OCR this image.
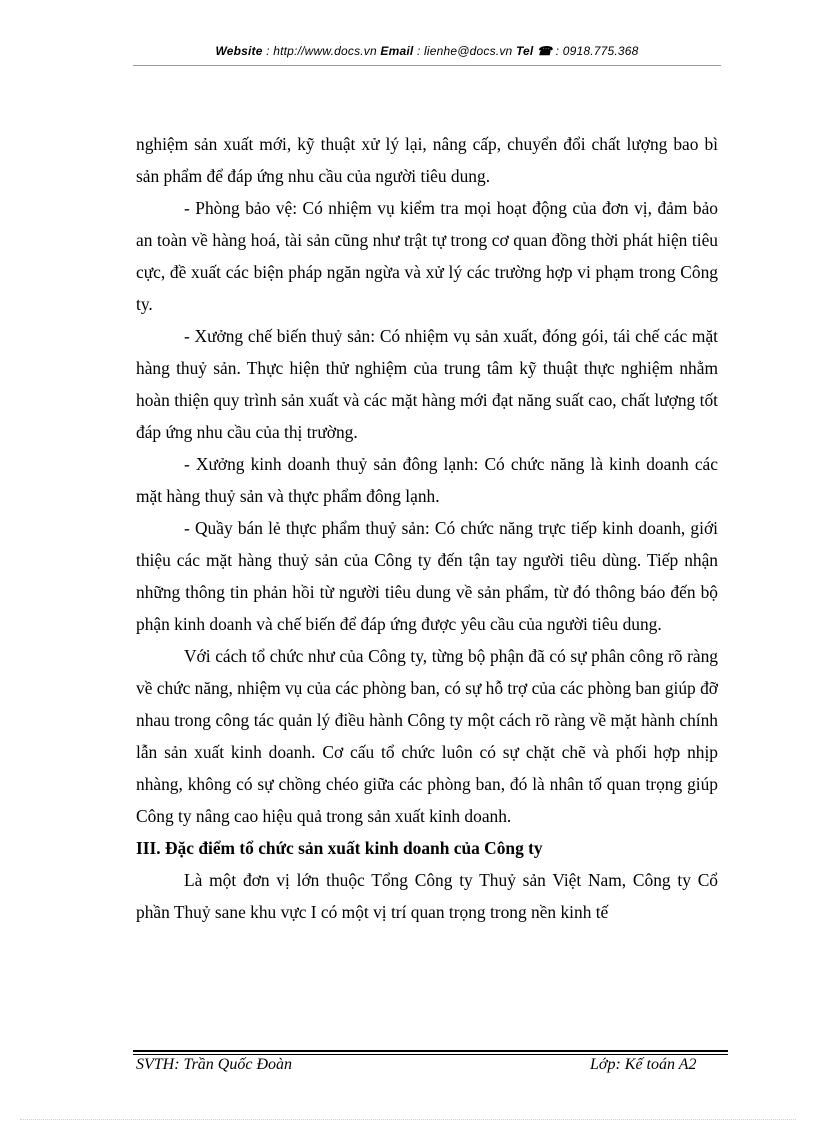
Website : http://www.docs.vn Email : lienhe@docs.vn Tel ☎ : 0918.775.368

nghiệm sản xuất mới, kỹ thuật xử lý lại, nâng cấp, chuyển đổi chất lượng bao bì sản phẩm để đáp ứng nhu cầu của người tiêu dung.

- Phòng bảo vệ: Có nhiệm vụ kiểm tra mọi hoạt động của đơn vị, đảm bảo an toàn về hàng hoá, tài sản cũng như trật tự trong cơ quan đồng thời phát hiện tiêu cực, đề xuất các biện pháp ngăn ngừa và xử lý các trường hợp vi phạm trong Công ty.

- Xưởng chế biến thuỷ sản: Có nhiệm vụ sản xuất, đóng gói, tái chế các mặt hàng thuỷ sản. Thực hiện thử nghiệm của trung tâm kỹ thuật thực nghiệm nhằm hoàn thiện quy trình sản xuất và các mặt hàng mới đạt năng suất cao, chất lượng tốt đáp ứng nhu cầu của thị trường.

- Xưởng kinh doanh thuỷ sản đông lạnh: Có chức năng là kinh doanh các mặt hàng thuỷ sản và thực phẩm đông lạnh.

- Quầy bán lẻ thực phẩm thuỷ sản: Có chức năng trực tiếp kinh doanh, giới thiệu các mặt hàng thuỷ sản của Công ty đến tận tay người tiêu dùng. Tiếp nhận những thông tin phản hồi từ người tiêu dung về sản phẩm, từ đó thông báo đến bộ phận kinh doanh và chế biến để đáp ứng được yêu cầu của người tiêu dung.

Với cách tổ chức như của Công ty, từng bộ phận đã có sự phân công rõ ràng về chức năng, nhiệm vụ của các phòng ban, có sự hỗ trợ của các phòng ban giúp đỡ nhau trong công tác quản lý điều hành Công ty một cách rõ ràng về mặt hành chính lẫn sản xuất kinh doanh. Cơ cấu tổ chức luôn có sự chặt chẽ và phối hợp nhịp nhàng, không có sự chồng chéo giữa các phòng ban, đó là nhân tố quan trọng giúp Công ty nâng cao hiệu quả trong sản xuất kinh doanh.

III. Đặc điểm tổ chức sản xuất kinh doanh của Công ty

Là một đơn vị lớn thuộc Tổng Công ty Thuỷ sản Việt Nam, Công ty Cổ phần Thuỷ sane khu vực I có một vị trí quan trọng trong nền kinh tế

SVTH: Trần Quốc Đoàn	Lớp: Kế toán A2
